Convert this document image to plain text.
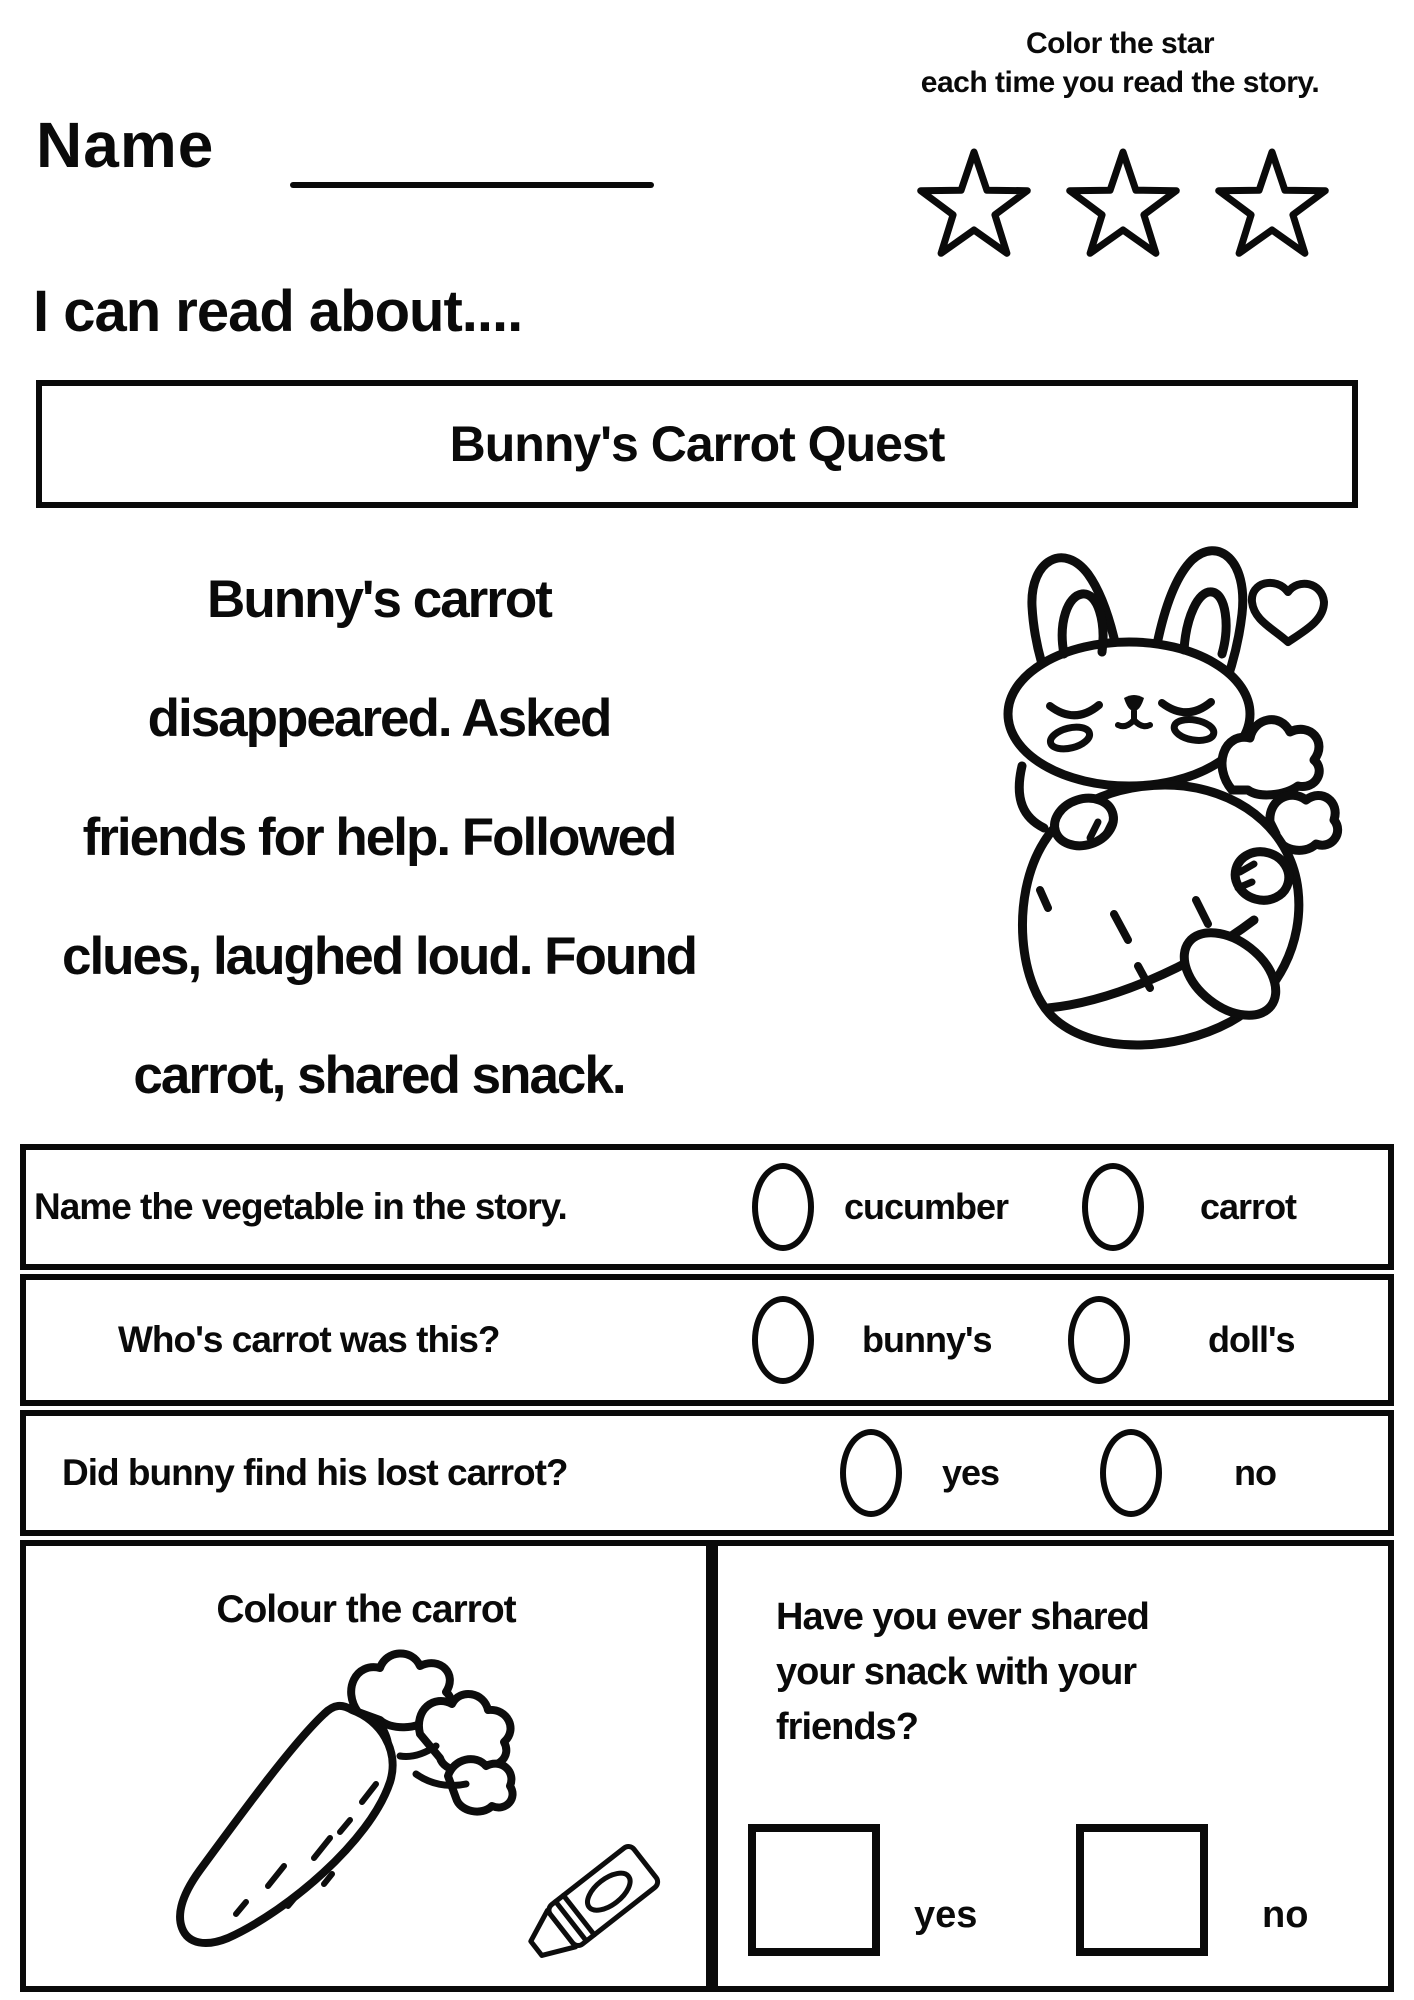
Name
Color the star
each time you read the story.
I can read about....
Bunny's Carrot Quest
Bunny's carrot
disappeared. Asked
friends for help. Followed
clues, laughed loud. Found
carrot, shared snack.
Name the vegetable in the story.	cucumber	carrot
Who's carrot was this?	bunny's	doll's
Did bunny find his lost carrot?	yes	no
Colour the carrot	Have you ever shared
your snack with your
friends?
yes	no
